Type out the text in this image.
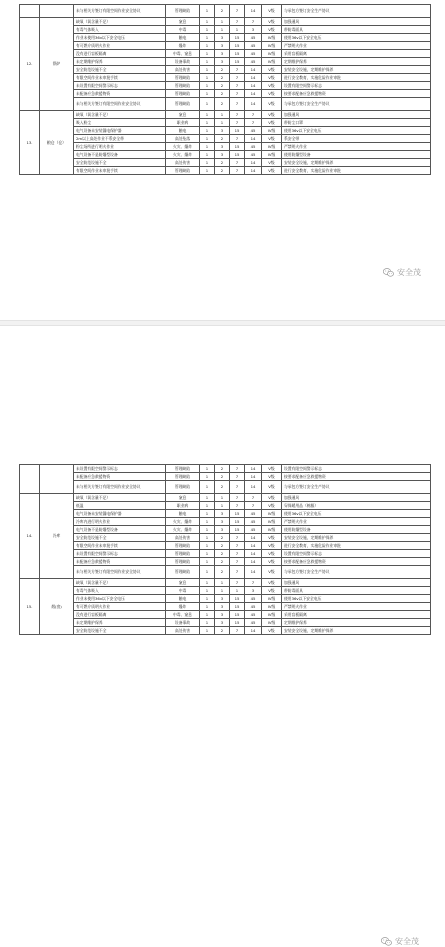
		未与相关方签订有限空间作业安全协议	管理缺陷	1	2	7	14	V级	与承包方签订安全生产协议
12.	锅炉	缺氧（氧含量不足）	窒息	1	1	7	7	V级	加强通风
		有毒气体吸入	中毒	1	1	1	3	V级	带防毒面具
		作业未使用36v以下安全电压	触电	1	3	15	45	IV级	使用36v以下安全电压
		有可燃介质明火作业	爆炸	1	3	15	45	IV级	严禁明火作业
		没有进行盲板隔离	中毒、窒息	1	3	15	45	IV级	采用盲板隔离
		未定期维护保养	设备事故	1	3	15	45	IV级	定期维护保养
		安全防范设施不全	高处伤害	1	2	7	14	V级	安装安全设施，定期维护保养
		有限空间作业未审批手续	管理缺陷	1	2	7	14	V级	进行安全教育，实施危险作业审批
		未设置有限空间警示标志	管理缺陷	1	2	7	14	V级	设置有限空间警示标志
		未配备应急救援物资	管理缺陷	1	2	7	14	V级	按要求配备应急救援物资
		未与相关方签订有限空间作业安全协议	管理缺陷	1	2	7	14	V级	与承包方签订安全生产协议
13.	粮仓（仓）	缺氧（氧含量不足）	窒息	1	1	7	7	V级	加强通风
		吸入粉尘	职业病	1	1	7	7	V级	带防尘口罩
		电气设备未安装漏电保护器	触电	1	3	15	45	IV级	使用36v以下安全电压
		2m以上高处作业不系安全带	高处坠落	1	2	7	14	V级	系安全带
		粉尘场所进行明火作业	火灾、爆炸	1	3	15	45	IV级	严禁明火作业
		电气设备不是防爆型设备	火灾、爆炸	1	3	15	45	IV级	使用防爆型设备
		安全防范设施不全	高处伤害	1	2	7	14	V级	安装安全设施，定期维护保养
		有限空间作业未审批手续	管理缺陷	1	2	7	14	V级	进行安全教育，实施危险作业审批
安全茂
		未设置有限空间警示标志	管理缺陷	1	2	7	14	V级	设置有限空间警示标志
		未配备应急救援物资	管理缺陷	1	2	7	14	V级	按要求配备应急救援物资
		未与相关方签订有限空间作业安全协议	管理缺陷	1	2	7	14	V级	与承包方签订安全生产协议
14.	冷库	缺氧（氧含量不足）	窒息	1	1	7	7	V级	加强通风
		低温	职业病	1	1	7	7	V级	穿保暖用品（棉服）
		电气设备未安装漏电保护器	触电	1	3	15	45	IV级	使用36v以下安全电压
		冷库内进行明火作业	火灾、爆炸	1	3	15	45	IV级	严禁明火作业
		电气设备不是防爆型设备	火灾、爆炸	1	3	15	45	IV级	使用防爆型设备
		安全防范设施不全	高处伤害	1	2	7	14	V级	安装安全设施，定期维护保养
		有限空间作业未审批手续	管理缺陷	1	2	7	14	V级	进行安全教育，实施危险作业审批
		未设置有限空间警示标志	管理缺陷	1	2	7	14	V级	设置有限空间警示标志
		未配备应急救援物资	管理缺陷	1	2	7	14	V级	按要求配备应急救援物资
		未与相关方签订有限空间作业安全协议	管理缺陷	1	2	7	14	V级	与承包方签订安全生产协议
15.	烟(囱)	缺氧（氧含量不足）	窒息	1	1	7	7	V级	加强通风
		有毒气体吸入	中毒	1	1	1	3	V级	带防毒面具
		作业未使用36v以下安全电压	触电	1	3	15	45	IV级	使用36v以下安全电压
		有可燃介质明火作业	爆炸	1	3	15	45	IV级	严禁明火作业
		没有进行盲板隔离	中毒、窒息	1	3	15	45	IV级	采用盲板隔离
		未定期维护保养	设备事故	1	3	15	45	IV级	定期维护保养
		安全防范设施不全	高处伤害	1	2	7	14	V级	安装安全设施，定期维护保养
安全茂
